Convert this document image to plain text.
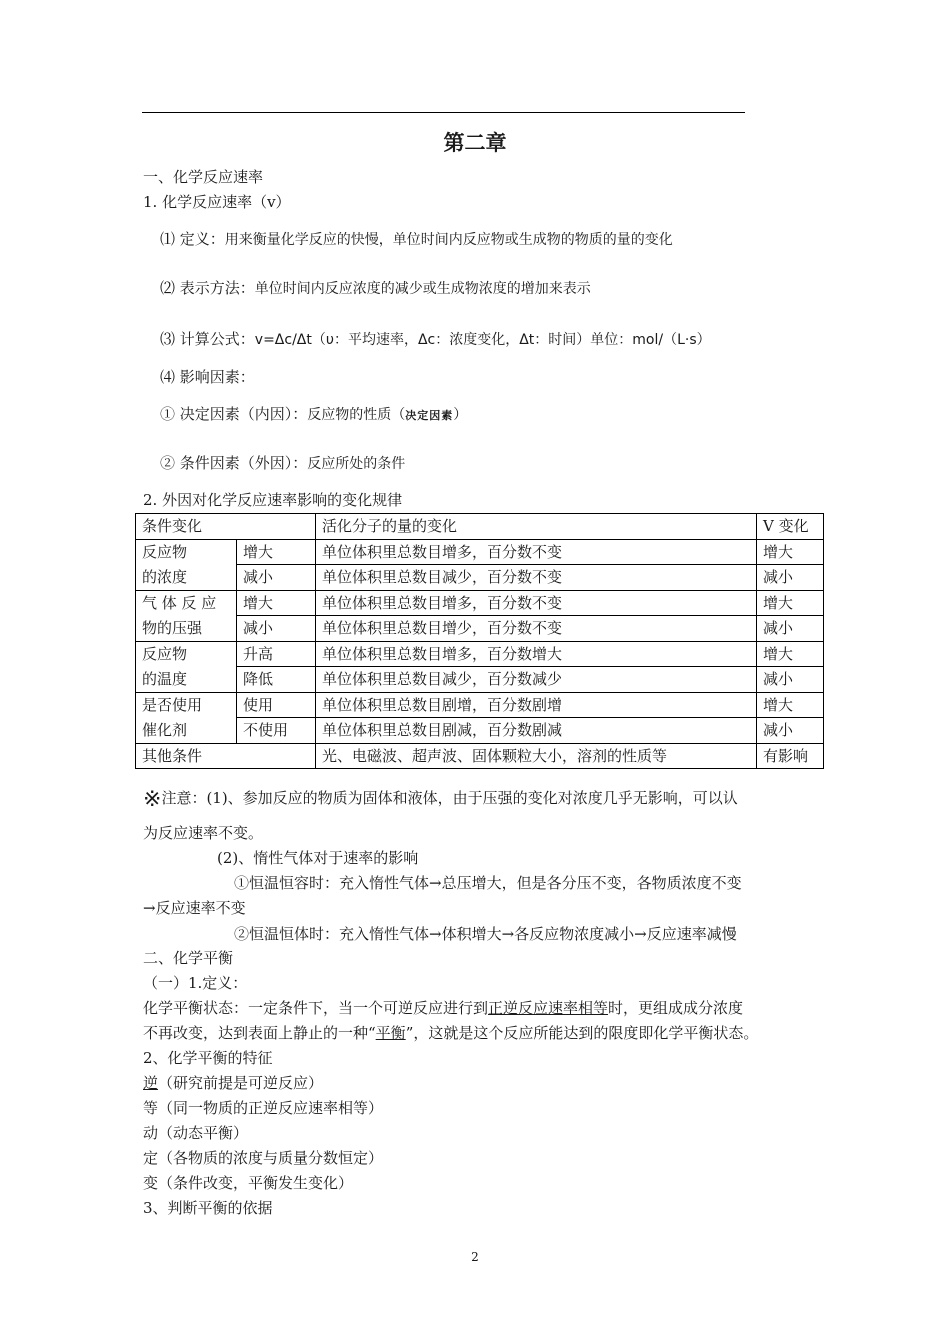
第二章
一、化学反应速率
1. 化学反应速率（v）
⑴ 定义：用来衡量化学反应的快慢，单位时间内反应物或生成物的物质的量的变化
⑵ 表示方法：单位时间内反应浓度的减少或生成物浓度的增加来表示
⑶ 计算公式：v=Δc/Δt（υ：平均速率，Δc：浓度变化，Δt：时间）单位：mol/（L·s）
⑷ 影响因素：
① 决定因素（内因）：反应物的性质（决定因素）
② 条件因素（外因）：反应所处的条件
2. 外因对化学反应速率影响的变化规律
条件变化		活化分子的量的变化	V 变化
反应物	增大	单位体积里总数目增多，百分数不变	增大
的浓度	减小	单位体积里总数目减少，百分数不变	减小
气 体 反 应	增大	单位体积里总数目增多，百分数不变	增大
物的压强	减小	单位体积里总数目增少，百分数不变	减小
反应物	升高	单位体积里总数目增多，百分数增大	增大
的温度	降低	单位体积里总数目减少，百分数减少	减小
是否使用	使用	单位体积里总数目剧增，百分数剧增	增大
催化剂	不使用	单位体积里总数目剧减，百分数剧减	减小
其他条件		光、电磁波、超声波、固体颗粒大小，溶剂的性质等	有影响
※注意：(1)、参加反应的物质为固体和液体，由于压强的变化对浓度几乎无影响，可以认
为反应速率不变。
(2)、惰性气体对于速率的影响
①恒温恒容时：充入惰性气体→总压增大，但是各分压不变，各物质浓度不变
→反应速率不变
②恒温恒体时：充入惰性气体→体积增大→各反应物浓度减小→反应速率减慢
二、化学平衡
（一）1.定义：
化学平衡状态：一定条件下，当一个可逆反应进行到正逆反应速率相等时，更组成成分浓度
不再改变，达到表面上静止的一种“平衡”，这就是这个反应所能达到的限度即化学平衡状态。
2、化学平衡的特征
逆（研究前提是可逆反应）
等（同一物质的正逆反应速率相等）
动（动态平衡）
定（各物质的浓度与质量分数恒定）
变（条件改变，平衡发生变化）
3、判断平衡的依据
2
